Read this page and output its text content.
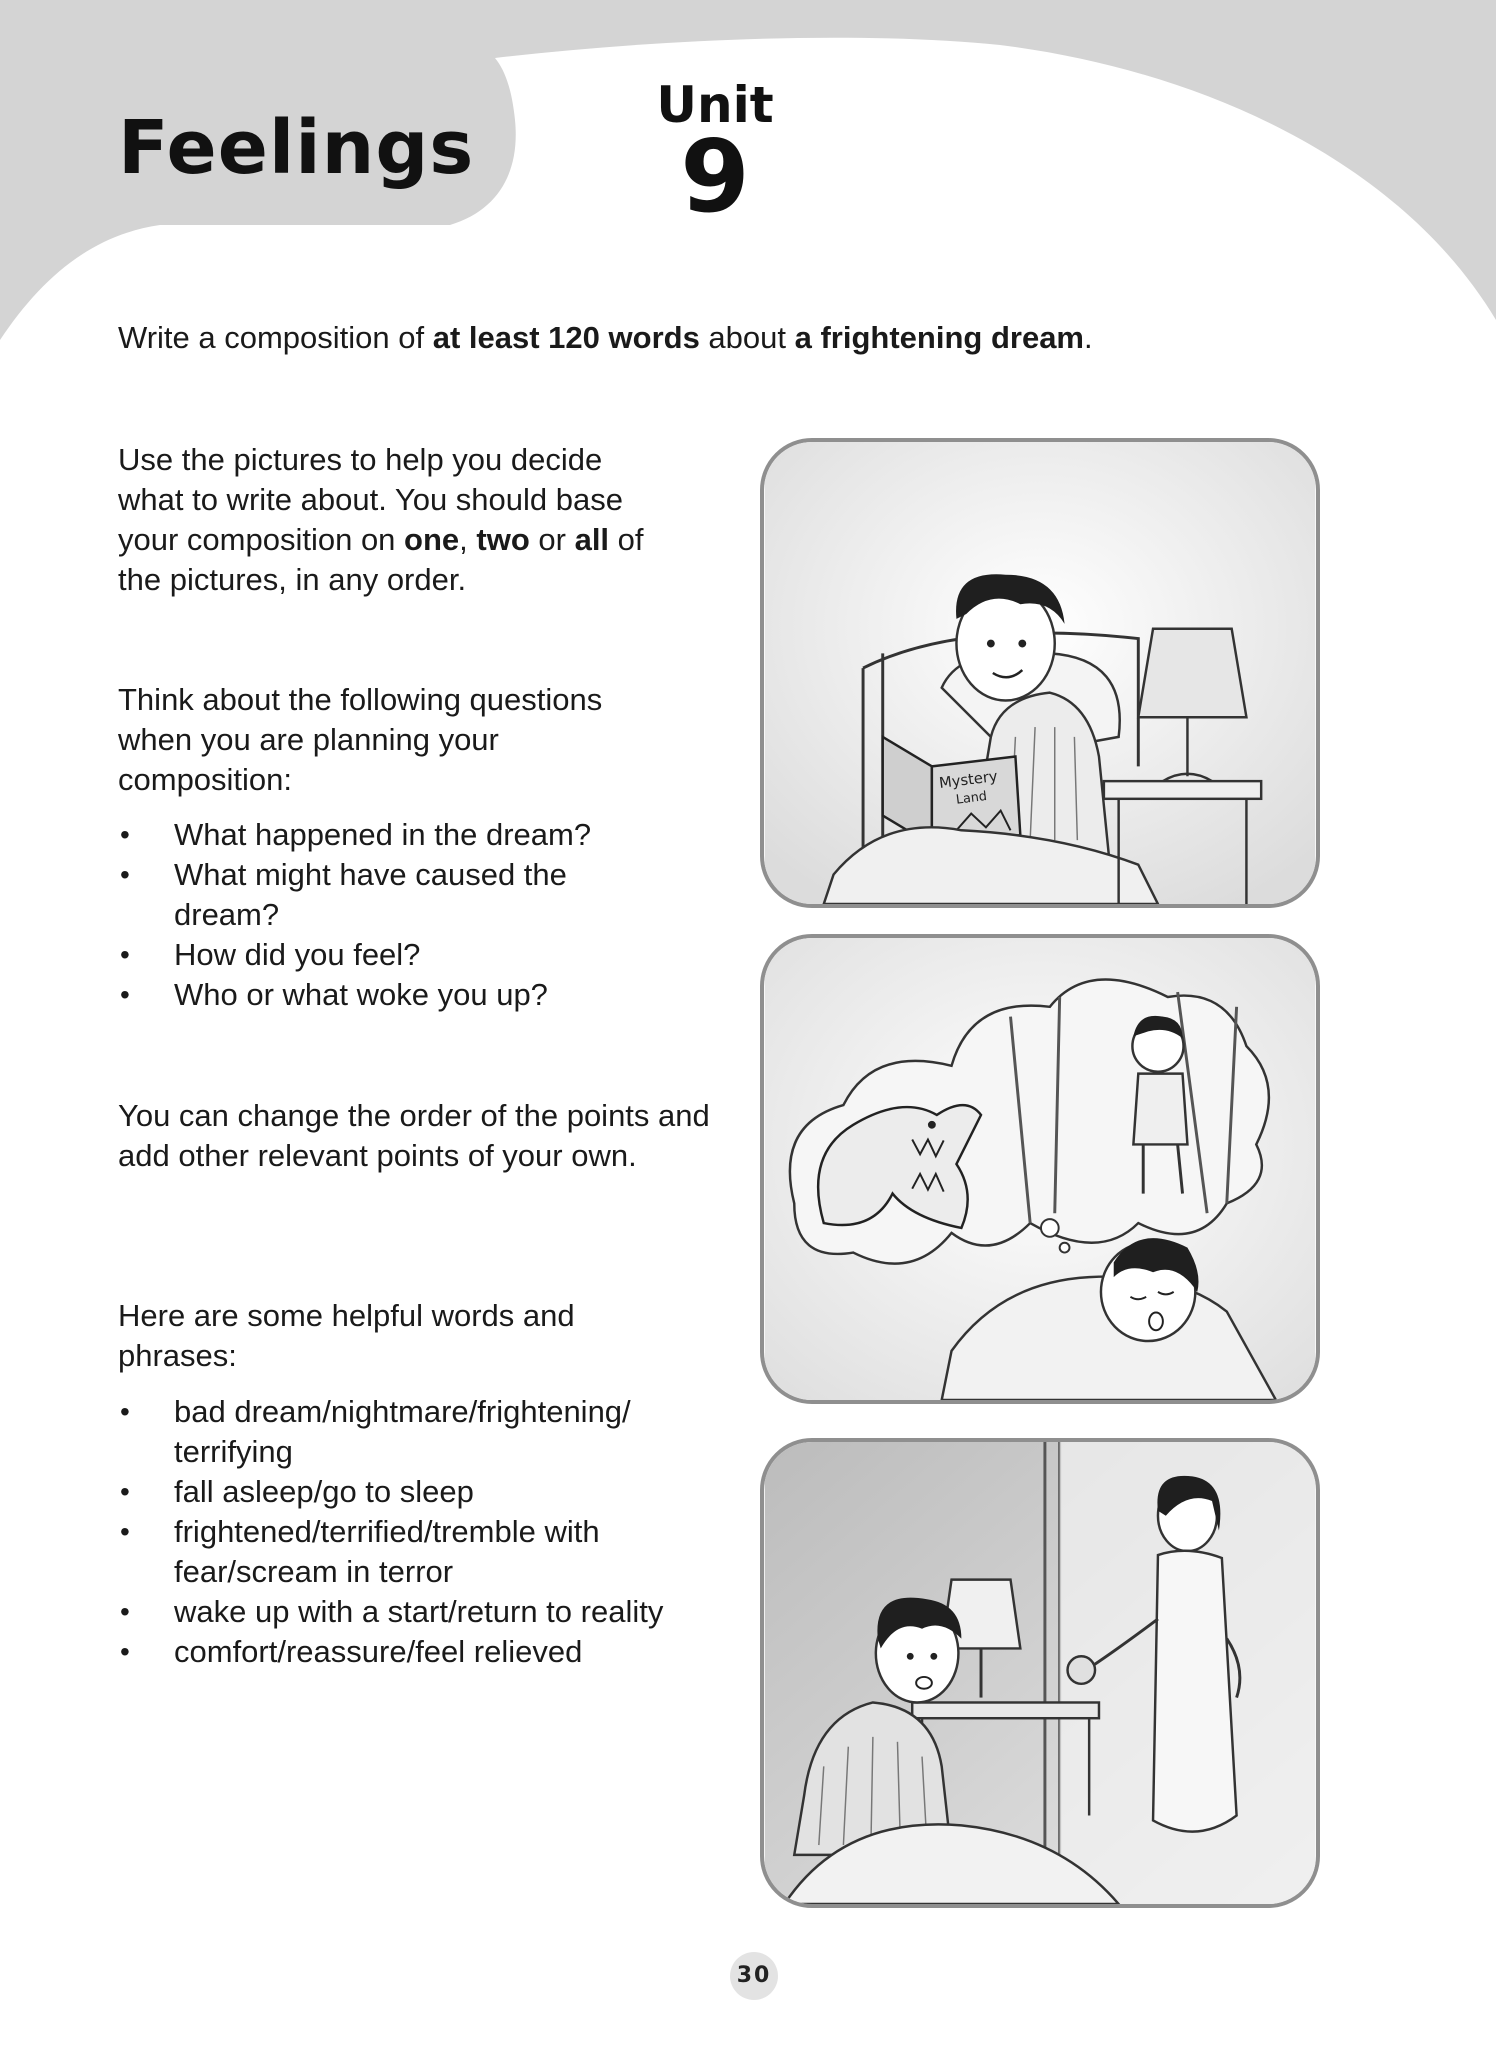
Feelings	Unit
9
Write a composition of at least 120 words about a frightening dream.
Use the pictures to help you decide
what to write about. You should base
your composition on one, two or all of
the pictures, in any order.

Think about the following questions when you are planning your composition:

• What happened in the dream?
• What might have caused the dream?
• How did you feel?
• Who or what woke you up?

You can change the order of the points and add other relevant points of your own.

Here are some helpful words and phrases:

• bad dream/nightmare/frightening/ terrifying
• fall asleep/go to sleep
• frightened/terrified/tremble with fear/scream in terror
• wake up with a start/return to reality
• comfort/reassure/feel relieved
Mystery
Land
30
